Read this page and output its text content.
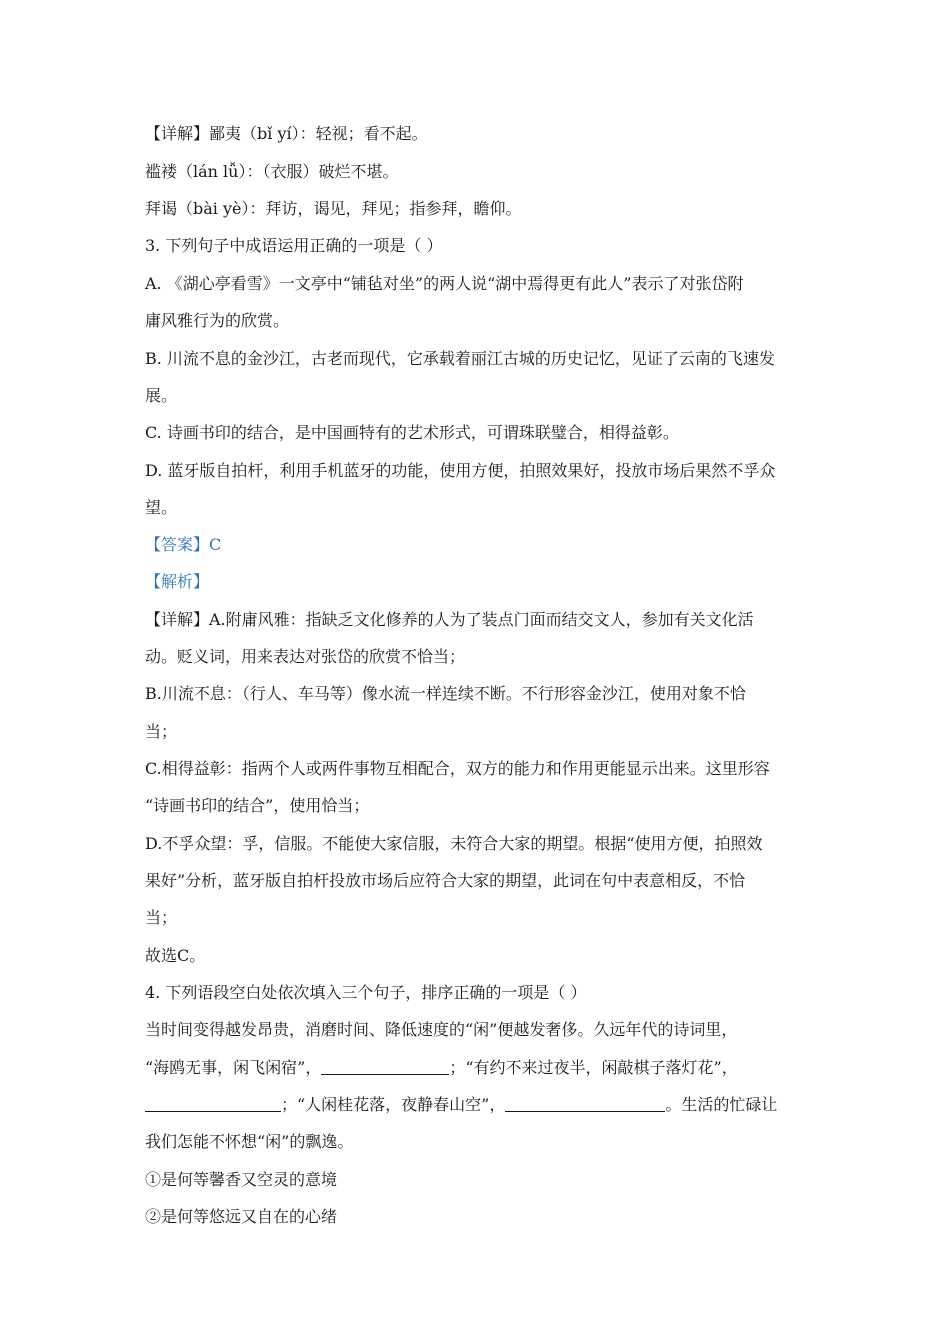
【详解】鄙夷（bǐ yí）：轻视；看不起。
褴褛（lán lǚ）：（衣服）破烂不堪。
拜谒（bài yè）：拜访，谒见，拜见；指参拜，瞻仰。
3. 下列句子中成语运用正确的一项是（ ）
A. 《湖心亭看雪》一文亭中“铺毡对坐”的两人说“湖中焉得更有此人”表示了对张岱附
庸风雅行为的欣赏。
B. 川流不息的金沙江，古老而现代，它承载着丽江古城的历史记忆，见证了云南的飞速发
展。
C. 诗画书印的结合，是中国画特有的艺术形式，可谓珠联璧合，相得益彰。
D. 蓝牙版自拍杆，利用手机蓝牙的功能，使用方便，拍照效果好，投放市场后果然不孚众
望。
【答案】C
【解析】
【详解】A.附庸风雅：指缺乏文化修养的人为了装点门面而结交文人，参加有关文化活
动。贬义词，用来表达对张岱的欣赏不恰当；
B.川流不息：（行人、车马等）像水流一样连续不断。不行形容金沙江，使用对象不恰
当；
C.相得益彰：指两个人或两件事物互相配合，双方的能力和作用更能显示出来。这里形容
“诗画书印的结合”，使用恰当；
D.不孚众望：孚，信服。不能使大家信服，未符合大家的期望。根据“使用方便，拍照效
果好”分析，蓝牙版自拍杆投放市场后应符合大家的期望，此词在句中表意相反，不恰
当；
故选C。
4. 下列语段空白处依次填入三个句子，排序正确的一项是（ ）
当时间变得越发昂贵，消磨时间、降低速度的“闲”便越发奢侈。久远年代的诗词里，
“海鸥无事，闲飞闲宿”，	；“有约不来过夜半，闲敲棋子落灯花”，
；“人闲桂花落，夜静春山空”，	。生活的忙碌让
我们怎能不怀想“闲”的飘逸。
①是何等馨香又空灵的意境
②是何等悠远又自在的心绪
